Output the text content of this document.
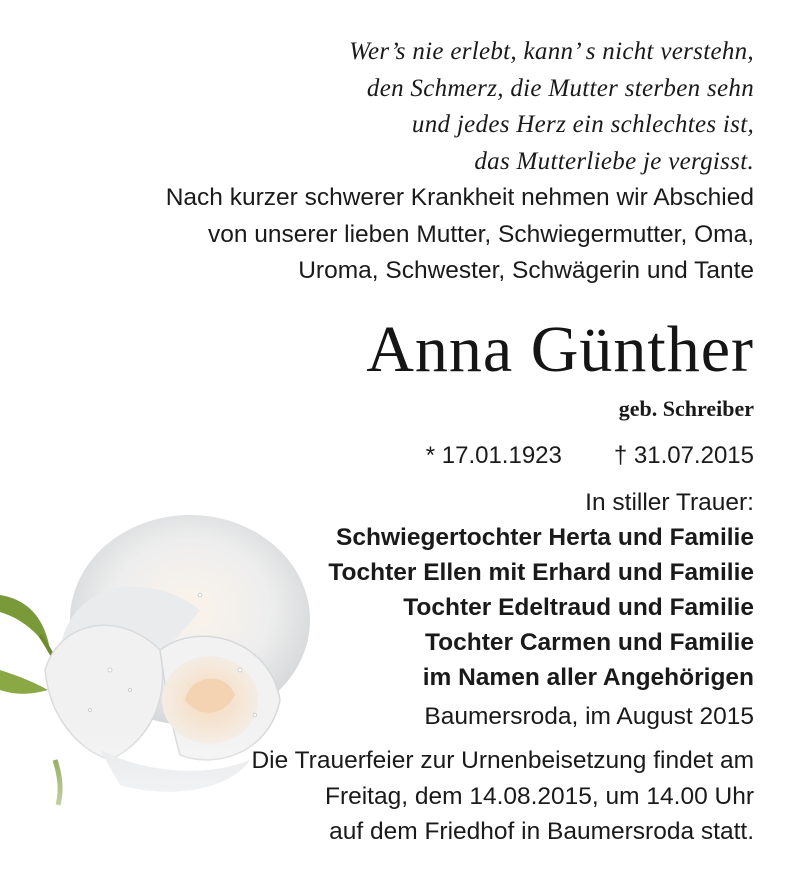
Wer’s nie erlebt, kann’ s nicht verstehn,
den Schmerz, die Mutter sterben sehn
und jedes Herz ein schlechtes ist,
das Mutterliebe je vergisst.
Nach kurzer schwerer Krankheit nehmen wir Abschied
von unserer lieben Mutter, Schwiegermutter, Oma,
Uroma, Schwester, Schwägerin und Tante
Anna Günther
geb. Schreiber
* 17.01.1923 † 31.07.2015
In stiller Trauer:
Schwiegertochter Herta und Familie
Tochter Ellen mit Erhard und Familie
Tochter Edeltraud und Familie
Tochter Carmen und Familie
im Namen aller Angehörigen
Baumersroda, im August 2015
Die Trauerfeier zur Urnenbeisetzung findet am
Freitag, dem 14.08.2015, um 14.00 Uhr
auf dem Friedhof in Baumersroda statt.
